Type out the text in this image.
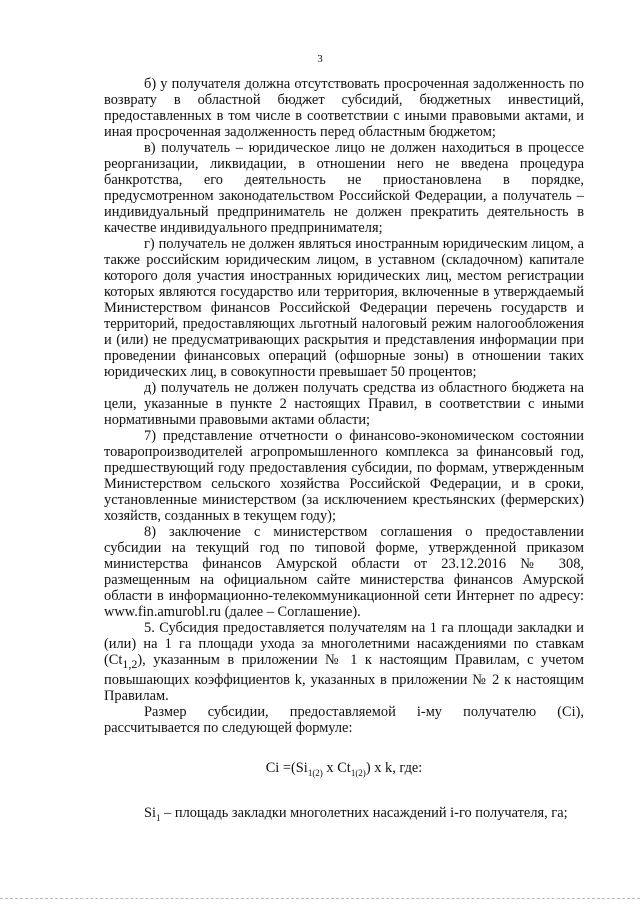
3

б) у получателя должна отсутствовать просроченная задолженность по возврату в областной бюджет субсидий, бюджетных инвестиций, предоставленных в том числе в соответствии с иными правовыми актами, и иная просроченная задолженность перед областным бюджетом;

в) получатель – юридическое лицо не должен находиться в процессе реорганизации, ликвидации, в отношении него не введена процедура банкротства, его деятельность не приостановлена в порядке, предусмотренном законодательством Российской Федерации, а получатель – индивидуальный предприниматель не должен прекратить деятельность в качестве индивидуального предпринимателя;

г) получатель не должен являться иностранным юридическим лицом, а также российским юридическим лицом, в уставном (складочном) капитале которого доля участия иностранных юридических лиц, местом регистрации которых являются государство или территория, включенные в утверждаемый Министерством финансов Российской Федерации перечень государств и территорий, предоставляющих льготный налоговый режим налогообложения и (или) не предусматривающих раскрытия и представления информации при проведении финансовых операций (офшорные зоны) в отношении таких юридических лиц, в совокупности превышает 50 процентов;

д) получатель не должен получать средства из областного бюджета на цели, указанные в пункте 2 настоящих Правил, в соответствии с иными нормативными правовыми актами области;

7) представление отчетности о финансово-экономическом состоянии товаропроизводителей агропромышленного комплекса за финансовый год, предшествующий году предоставления субсидии, по формам, утвержденным Министерством сельского хозяйства Российской Федерации, и в сроки, установленные министерством (за исключением крестьянских (фермерских) хозяйств, созданных в текущем году);

8) заключение с министерством соглашения о предоставлении субсидии на текущий год по типовой форме, утвержденной приказом министерства финансов Амурской области от 23.12.2016 № 308, размещенным на официальном сайте министерства финансов Амурской области в информационно-телекоммуникационной сети Интернет по адресу: www.fin.amurobl.ru (далее – Соглашение).

5. Субсидия предоставляется получателям на 1 га площади закладки и (или) на 1 га площади ухода за многолетними насаждениями по ставкам $(Ct_{1,2})$, указанным в приложении № 1 к настоящим Правилам, с учетом повышающих коэффициентов k, указанных в приложении № 2 к настоящим Правилам.

Размер субсидии, предоставляемой i-му получателю (Ci), рассчитывается по следующей формуле:

$Ci =(Si_{1(2)}$ x $Ct_{1(2)}$) x k, где:

$Si_1$ – площадь закладки многолетних насаждений i-го получателя, га;
